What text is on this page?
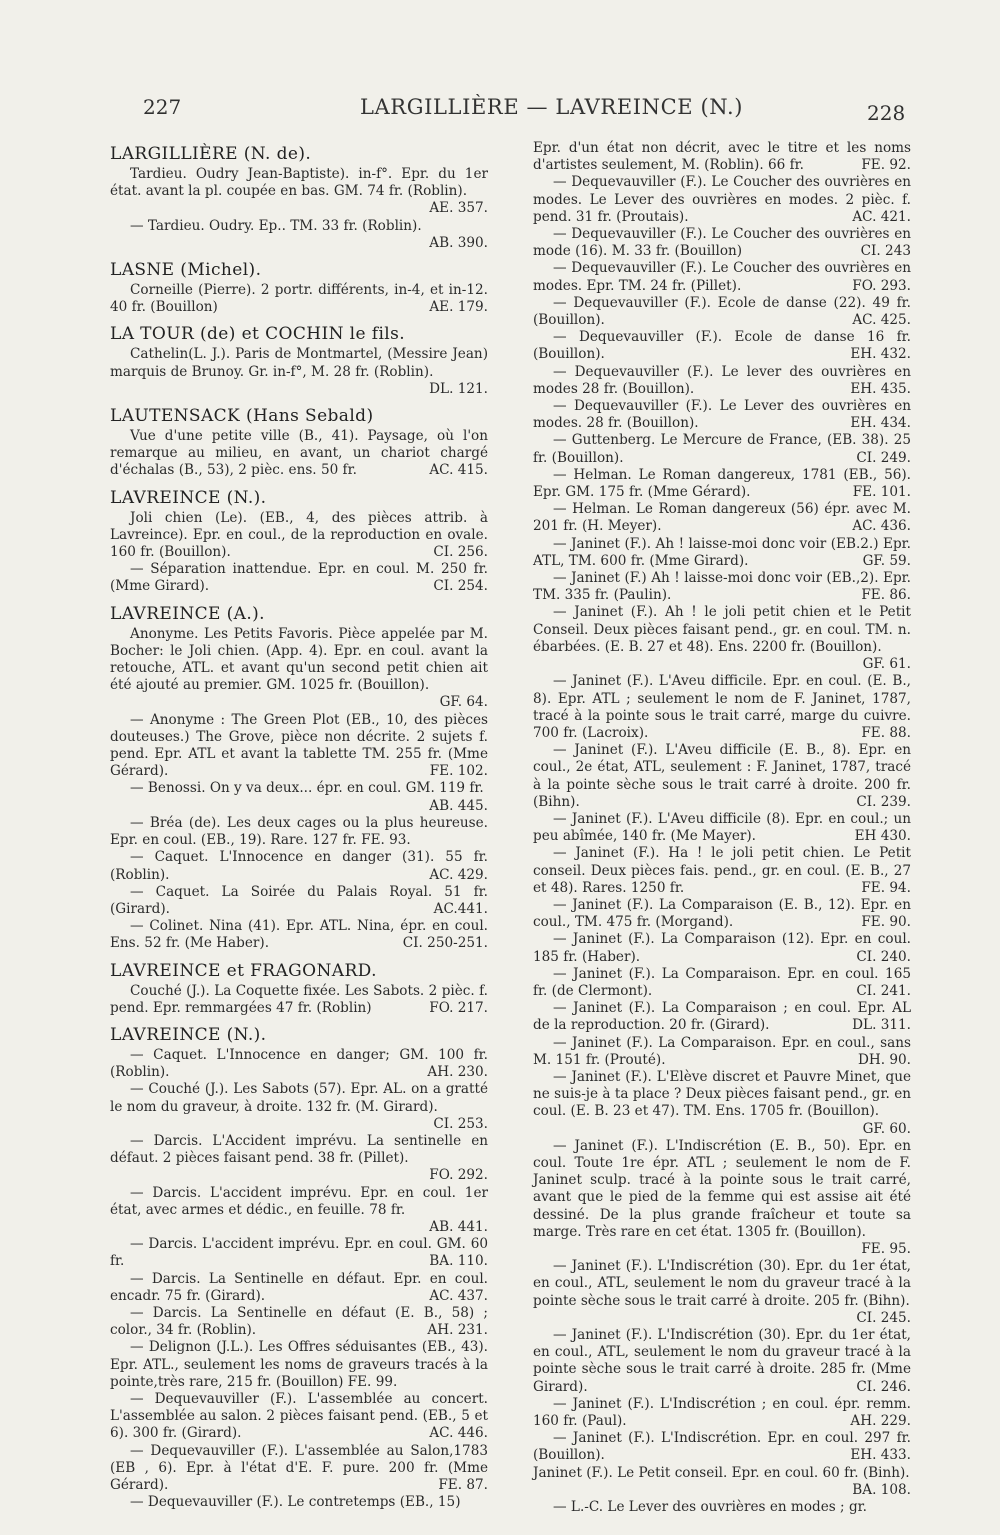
227	LARGILLIÈRE — LAVREINCE (N.)	228
LARGILLIÈRE (N. de).
Tardieu. Oudry Jean-Baptiste). in-f°. Epr. du 1er état. avant la pl. coupée en bas. GM. 74 fr. (Roblin).
AE. 357.
— Tardieu. Oudry. Ep.. TM. 33 fr. (Roblin).
AB. 390.
LASNE (Michel).
Corneille (Pierre). 2 portr. différents, in-4, et in-12. 40 fr. (Bouillon)	AE. 179.
LA TOUR (de) et COCHIN le fils.
Cathelin(L. J.). Paris de Montmartel, (Messire Jean) marquis de Brunoy. Gr. in-f°, M. 28 fr. (Roblin).
DL. 121.
LAUTENSACK (Hans Sebald)
Vue d'une petite ville (B., 41). Paysage, où l'on remarque au milieu, en avant, un chariot chargé d'échalas (B., 53), 2 pièc. ens. 50 fr.	AC. 415.
LAVREINCE (N.).
Joli chien (Le). (EB., 4, des pièces attrib. à Lavreince). Epr. en coul., de la reproduction en ovale. 160 fr. (Bouillon).	CI. 256.
— Séparation inattendue. Epr. en coul. M. 250 fr. (Mme Girard).	CI. 254.
LAVREINCE (A.).
Anonyme. Les Petits Favoris. Pièce appelée par M. Bocher: le Joli chien. (App. 4). Epr. en coul. avant la retouche, ATL. et avant qu'un second petit chien ait été ajouté au premier. GM. 1025 fr. (Bouillon).
GF. 64.
— Anonyme : The Green Plot (EB., 10, des pièces douteuses.) The Grove, pièce non décrite. 2 sujets f. pend. Epr. ATL et avant la tablette TM. 255 fr. (Mme Gérard).	FE. 102.
— Benossi. On y va deux... épr. en coul. GM. 119 fr.
AB. 445.
— Bréa (de). Les deux cages ou la plus heureuse. Epr. en coul. (EB., 19). Rare. 127 fr. FE. 93.
— Caquet. L'Innocence en danger (31). 55 fr. (Roblin).	AC. 429.
— Caquet. La Soirée du Palais Royal. 51 fr. (Girard).	AC.441.
— Colinet. Nina (41). Epr. ATL. Nina, épr. en coul. Ens. 52 fr. (Me Haber).	CI. 250-251.
LAVREINCE et FRAGONARD.
Couché (J.). La Coquette fixée. Les Sabots. 2 pièc. f. pend. Epr. remmargées 47 fr. (Roblin)	FO. 217.
LAVREINCE (N.).
— Caquet. L'Innocence en danger; GM. 100 fr. (Roblin).	AH. 230.
— Couché (J.). Les Sabots (57). Epr. AL. on a gratté le nom du graveur, à droite. 132 fr. (M. Girard).
CI. 253.
— Darcis. L'Accident imprévu. La sentinelle en défaut. 2 pièces faisant pend. 38 fr. (Pillet).
FO. 292.
— Darcis. L'accident imprévu. Epr. en coul. 1er état, avec armes et dédic., en feuille. 78 fr.
AB. 441.
— Darcis. L'accident imprévu. Epr. en coul. GM. 60 fr.	BA. 110.
— Darcis. La Sentinelle en défaut. Epr. en coul. encadr. 75 fr. (Girard).	AC. 437.
— Darcis. La Sentinelle en défaut (E. B., 58) ; color., 34 fr. (Roblin).	AH. 231.
— Delignon (J.L.). Les Offres séduisantes (EB., 43). Epr. ATL., seulement les noms de graveurs tracés à la pointe,très rare, 215 fr. (Bouillon) FE. 99.
— Dequevauviller (F.). L'assemblée au concert. L'assemblée au salon. 2 pièces faisant pend. (EB., 5 et 6). 300 fr. (Girard).	AC. 446.
— Dequevauviller (F.). L'assemblée au Salon,1783 (EB , 6). Epr. à l'état d'E. F. pure. 200 fr. (Mme Gérard).	FE. 87.
— Dequevauviller (F.). Le contretemps (EB., 15)
Epr. d'un état non décrit, avec le titre et les noms d'artistes seulement, M. (Roblin). 66 fr.	FE. 92.
— Dequevauviller (F.). Le Coucher des ouvrières en modes. Le Lever des ouvrières en modes. 2 pièc. f. pend. 31 fr. (Proutais).	AC. 421.
— Dequevauviller (F.). Le Coucher des ouvrières en mode (16). M. 33 fr. (Bouillon)	CI. 243
— Dequevauviller (F.). Le Coucher des ouvrières en modes. Epr. TM. 24 fr. (Pillet).	FO. 293.
— Dequevauviller (F.). Ecole de danse (22). 49 fr. (Bouillon).	AC. 425.
— Dequevauviller (F.). Ecole de danse 16 fr. (Bouillon).	EH. 432.
— Dequevauviller (F.). Le lever des ouvrières en modes 28 fr. (Bouillon).	EH. 435.
— Dequevauviller (F.). Le Lever des ouvrières en modes. 28 fr. (Bouillon).	EH. 434.
— Guttenberg. Le Mercure de France, (EB. 38). 25 fr. (Bouillon).	CI. 249.
— Helman. Le Roman dangereux, 1781 (EB., 56). Epr. GM. 175 fr. (Mme Gérard).	FE. 101.
— Helman. Le Roman dangereux (56) épr. avec M. 201 fr. (H. Meyer).	AC. 436.
— Janinet (F.). Ah ! laisse-moi donc voir (EB.2.) Epr. ATL, TM. 600 fr. (Mme Girard).	GF. 59.
— Janinet (F.) Ah ! laisse-moi donc voir (EB.,2). Epr. TM. 335 fr. (Paulin).	FE. 86.
— Janinet (F.). Ah ! le joli petit chien et le Petit Conseil. Deux pièces faisant pend., gr. en coul. TM. n. ébarbées. (E. B. 27 et 48). Ens. 2200 fr. (Bouillon).
GF. 61.
— Janinet (F.). L'Aveu difficile. Epr. en coul. (E. B., 8). Epr. ATL ; seulement le nom de F. Janinet, 1787, tracé à la pointe sous le trait carré, marge du cuivre. 700 fr. (Lacroix).	FE. 88.
— Janinet (F.). L'Aveu difficile (E. B., 8). Epr. en coul., 2e état, ATL, seulement : F. Janinet, 1787, tracé à la pointe sèche sous le trait carré à droite. 200 fr. (Bihn).	CI. 239.
— Janinet (F.). L'Aveu difficile (8). Epr. en coul.; un peu abîmée, 140 fr. (Me Mayer).	EH 430.
— Janinet (F.). Ha ! le joli petit chien. Le Petit conseil. Deux pièces fais. pend., gr. en coul. (E. B., 27 et 48). Rares. 1250 fr.	FE. 94.
— Janinet (F.). La Comparaison (E. B., 12). Epr. en coul., TM. 475 fr. (Morgand).	FE. 90.
— Janinet (F.). La Comparaison (12). Epr. en coul. 185 fr. (Haber).	CI. 240.
— Janinet (F.). La Comparaison. Epr. en coul. 165 fr. (de Clermont).	CI. 241.
— Janinet (F.). La Comparaison ; en coul. Epr. AL de la reproduction. 20 fr. (Girard).	DL. 311.
— Janinet (F.). La Comparaison. Epr. en coul., sans M. 151 fr. (Prouté).	DH. 90.
— Janinet (F.). L'Elève discret et Pauvre Minet, que ne suis-je à ta place ? Deux pièces faisant pend., gr. en coul. (E. B. 23 et 47). TM. Ens. 1705 fr. (Bouillon).
GF. 60.
— Janinet (F.). L'Indiscrétion (E. B., 50). Epr. en coul. Toute 1re épr. ATL ; seulement le nom de F. Janinet sculp. tracé à la pointe sous le trait carré, avant que le pied de la femme qui est assise ait été dessiné. De la plus grande fraîcheur et toute sa marge. Très rare en cet état. 1305 fr. (Bouillon).
FE. 95.
— Janinet (F.). L'Indiscrétion (30). Epr. du 1er état, en coul., ATL, seulement le nom du graveur tracé à la pointe sèche sous le trait carré à droite. 205 fr. (Bihn).
CI. 245.
— Janinet (F.). L'Indiscrétion (30). Epr. du 1er état, en coul., ATL, seulement le nom du graveur tracé à la pointe sèche sous le trait carré à droite. 285 fr. (Mme Girard).	CI. 246.
— Janinet (F.). L'Indiscrétion ; en coul. épr. remm. 160 fr. (Paul).	AH. 229.
— Janinet (F.). L'Indiscrétion. Epr. en coul. 297 fr. (Bouillon).	EH. 433.
Janinet (F.). Le Petit conseil. Epr. en coul. 60 fr. (Binh).
BA. 108.
— L.-C. Le Lever des ouvrières en modes ; gr.
